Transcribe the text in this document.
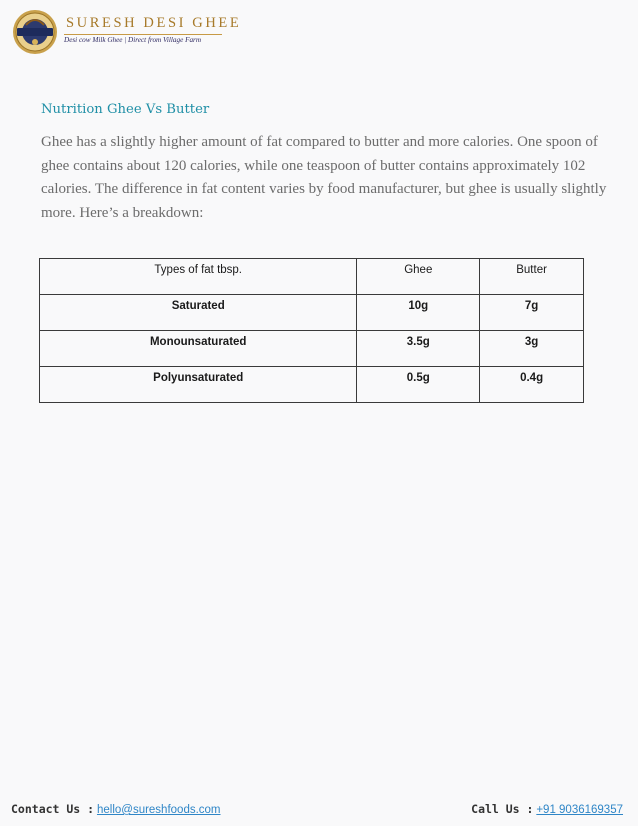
SURESH DESI GHEE
Desi cow Milk Ghee | Direct from Village Farm
Nutrition Ghee Vs Butter

Ghee has a slightly higher amount of fat compared to butter and more calories. One spoon of ghee contains about 120 calories, while one teaspoon of butter contains approximately 102 calories. The difference in fat content varies by food manufacturer, but ghee is usually slightly more. Here’s a breakdown:

Types of fat tbsp.	Ghee	Butter
Saturated	10g	7g
Monounsaturated	3.5g	3g
Polyunsaturated	0.5g	0.4g
Contact Us : hello@sureshfoods.com	Call Us : +91 9036169357
